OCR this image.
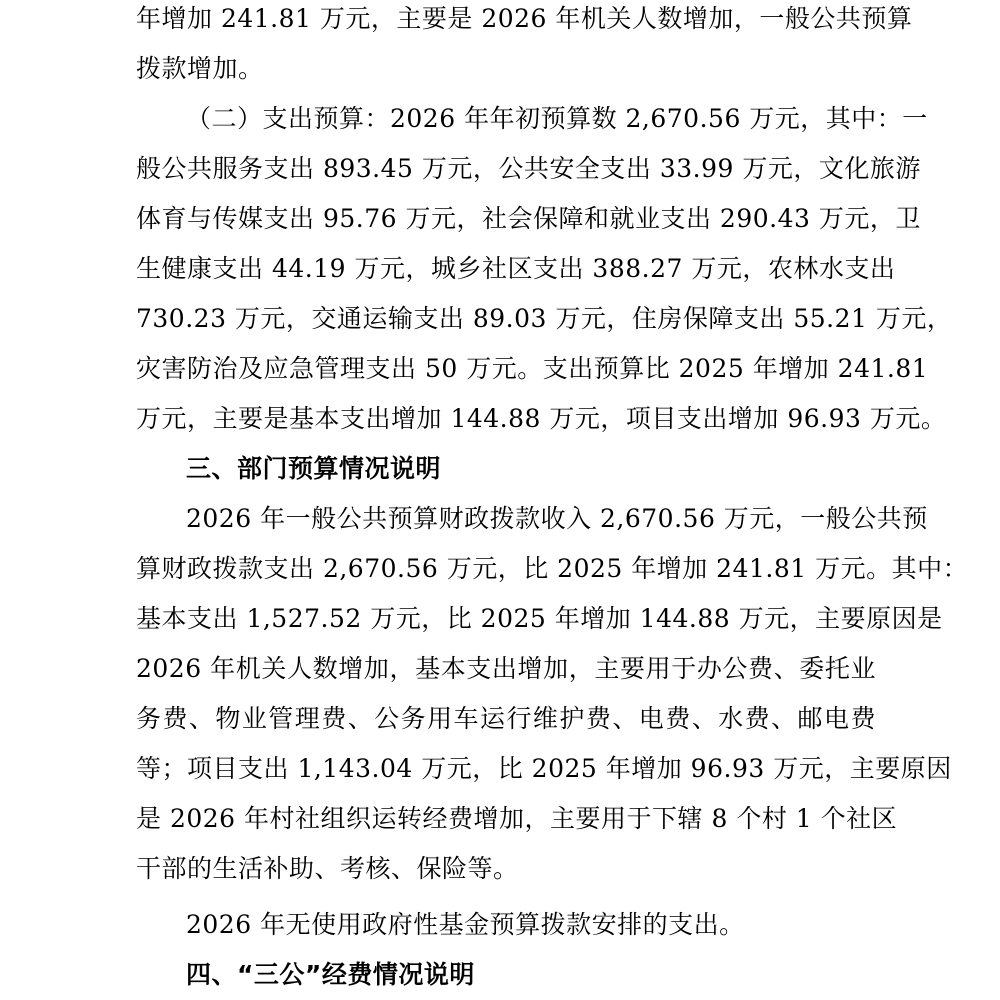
年增加 241.81 万元，主要是 2026 年机关人数增加，一般公共预算
拨款增加。
（二）支出预算：2026 年年初预算数 2,670.56 万元，其中：一
般公共服务支出 893.45 万元，公共安全支出 33.99 万元，文化旅游
体育与传媒支出 95.76 万元，社会保障和就业支出 290.43 万元，卫
生健康支出 44.19 万元，城乡社区支出 388.27 万元，农林水支出
730.23 万元，交通运输支出 89.03 万元，住房保障支出 55.21 万元，
灾害防治及应急管理支出 50 万元。支出预算比 2025 年增加 241.81
万元，主要是基本支出增加 144.88 万元，项目支出增加 96.93 万元。
三、部门预算情况说明
2026 年一般公共预算财政拨款收入 2,670.56 万元，一般公共预
算财政拨款支出 2,670.56 万元，比 2025 年增加 241.81 万元。其中：
基本支出 1,527.52 万元，比 2025 年增加 144.88 万元，主要原因是
2026 年机关人数增加，基本支出增加，主要用于办公费、委托业
务费、物业管理费、公务用车运行维护费、电费、水费、邮电费
等；项目支出 1,143.04 万元，比 2025 年增加 96.93 万元，主要原因
是 2026 年村社组织运转经费增加，主要用于下辖 8 个村 1 个社区
干部的生活补助、考核、保险等。
2026 年无使用政府性基金预算拨款安排的支出。
四、“三公”经费情况说明
